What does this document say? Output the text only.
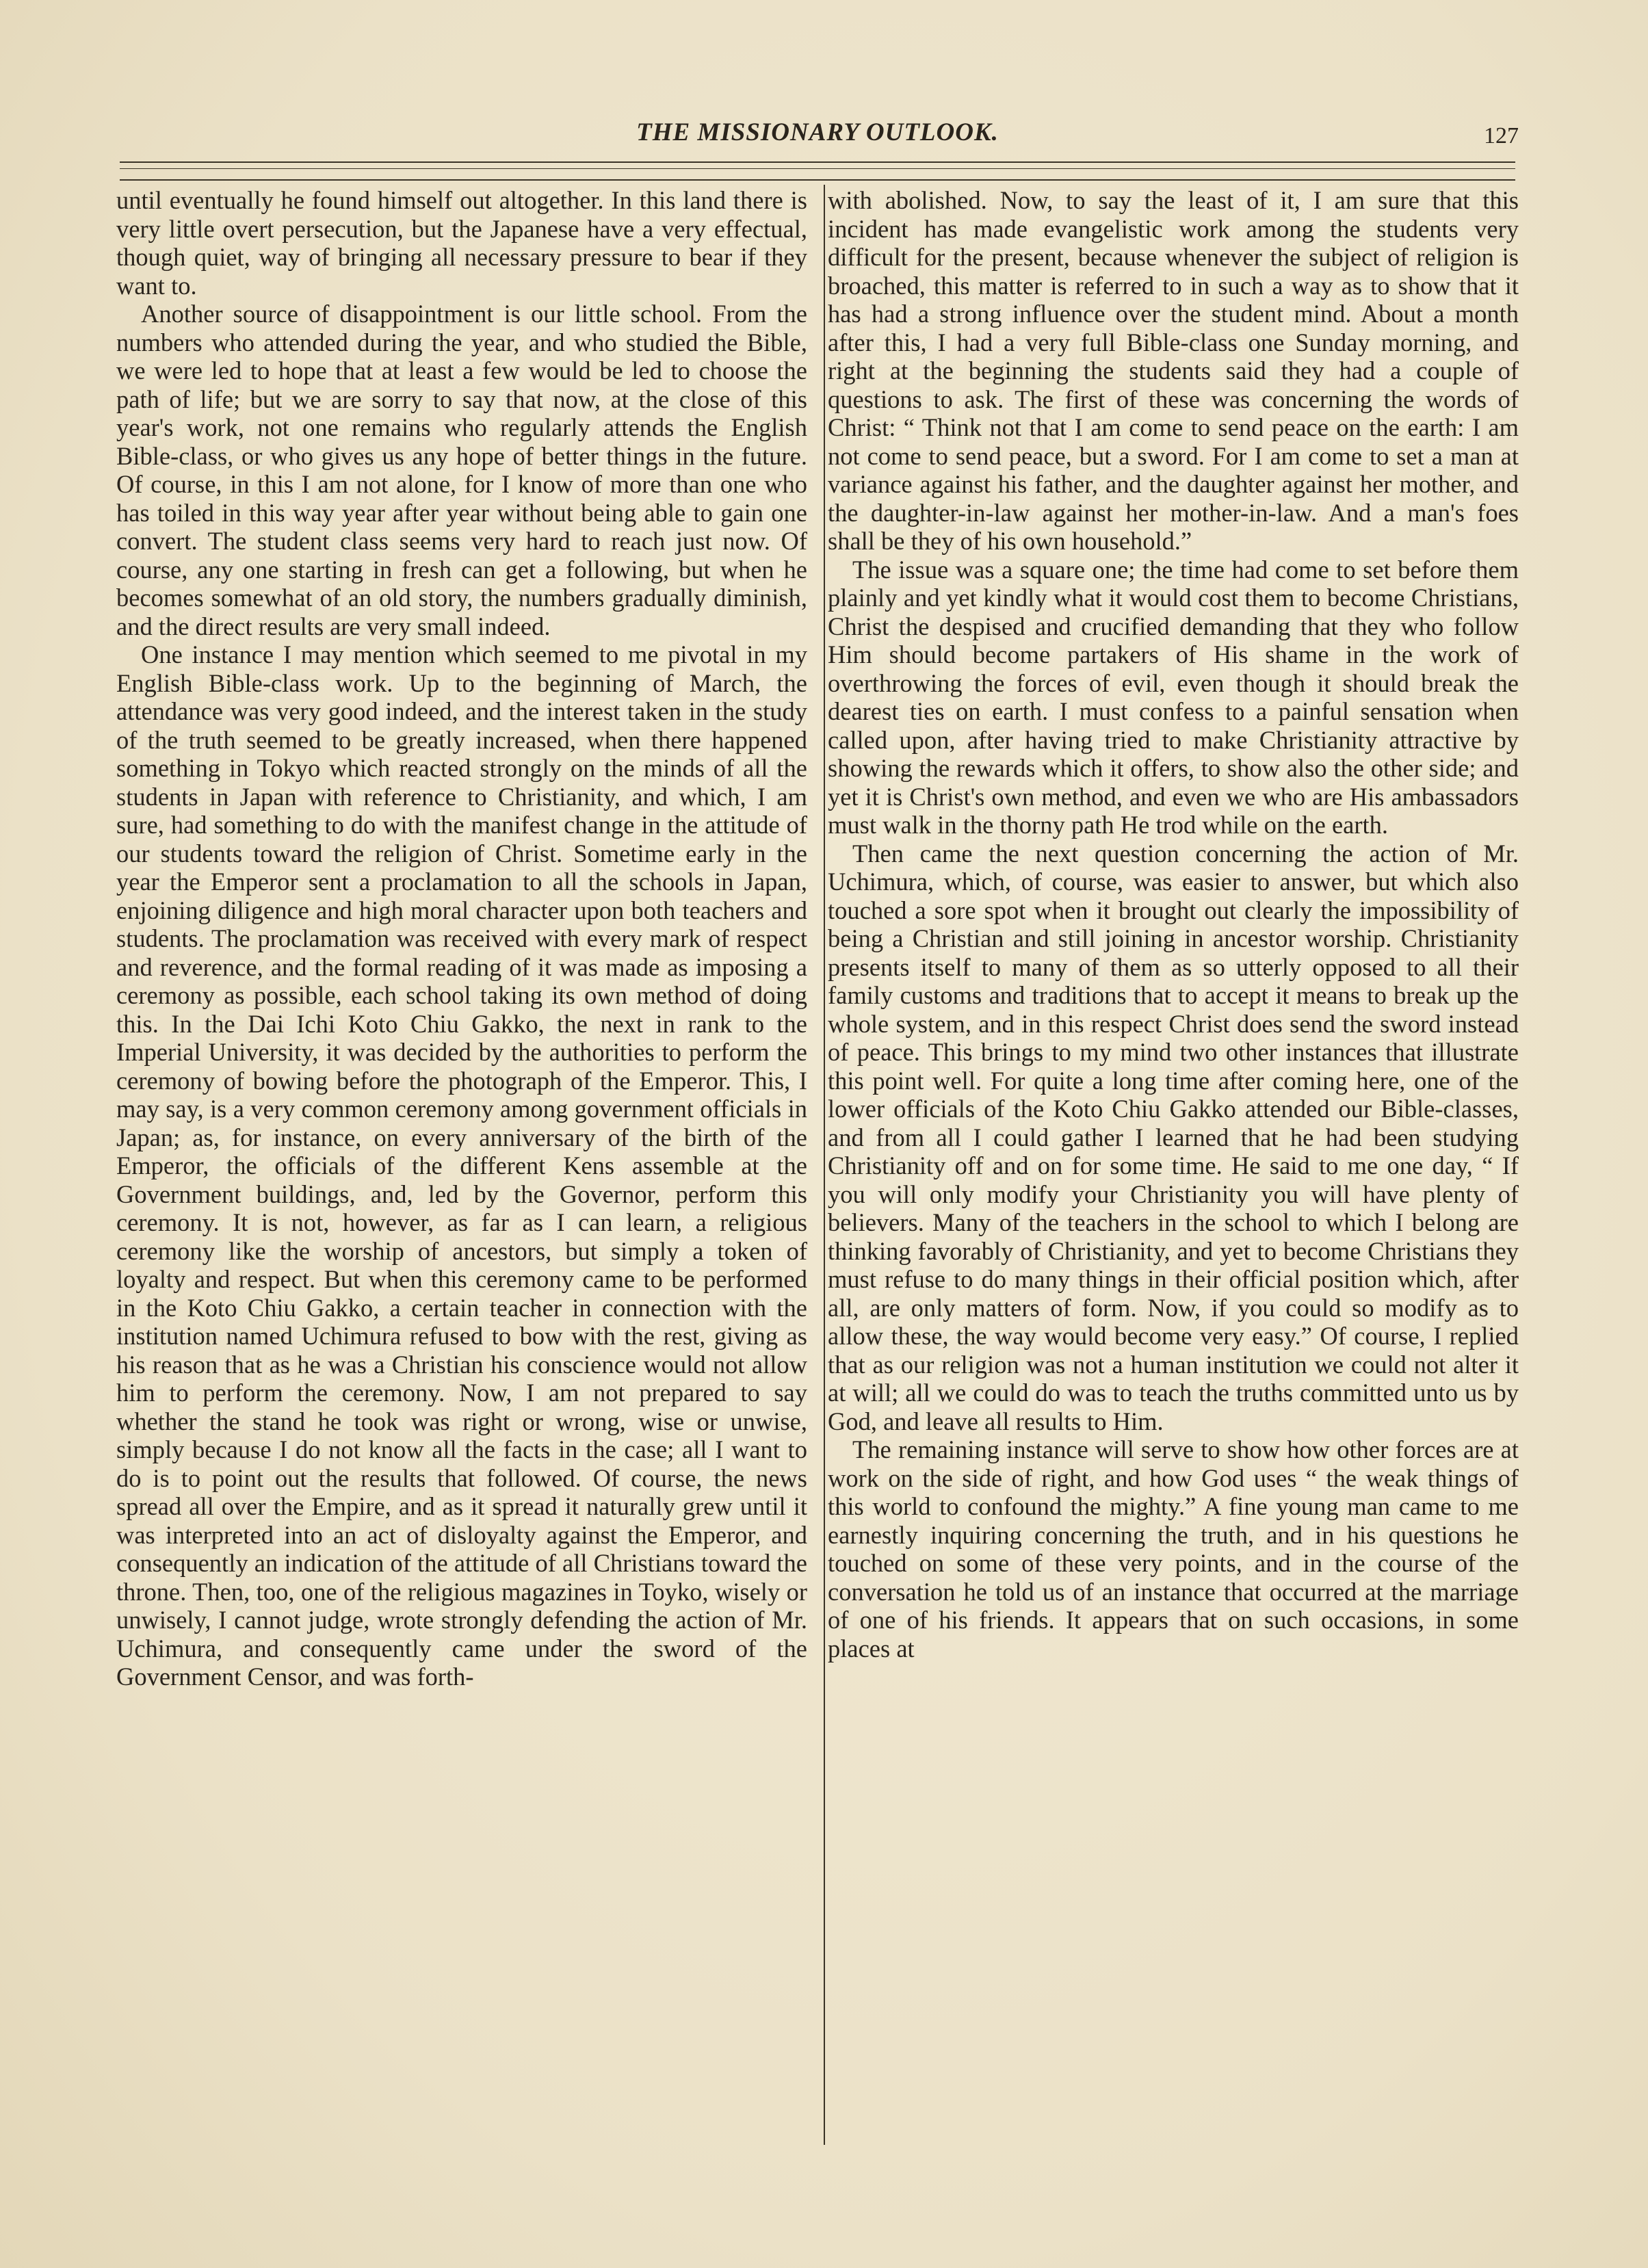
THE MISSIONARY OUTLOOK.	127

until eventually he found himself out altogether. In this land there is very little overt persecution, but the Japanese have a very effectual, though quiet, way of bringing all necessary pressure to bear if they want to.

Another source of disappointment is our little school. From the numbers who attended during the year, and who studied the Bible, we were led to hope that at least a few would be led to choose the path of life; but we are sorry to say that now, at the close of this year's work, not one remains who regularly attends the English Bible-class, or who gives us any hope of better things in the future. Of course, in this I am not alone, for I know of more than one who has toiled in this way year after year without being able to gain one convert. The student class seems very hard to reach just now. Of course, any one starting in fresh can get a following, but when he becomes somewhat of an old story, the numbers gradually diminish, and the direct results are very small indeed.

One instance I may mention which seemed to me pivotal in my English Bible-class work. Up to the beginning of March, the attendance was very good indeed, and the interest taken in the study of the truth seemed to be greatly increased, when there happened something in Tokyo which reacted strongly on the minds of all the students in Japan with reference to Christianity, and which, I am sure, had something to do with the manifest change in the attitude of our students toward the religion of Christ. Sometime early in the year the Emperor sent a proclamation to all the schools in Japan, enjoining diligence and high moral character upon both teachers and students. The proclamation was received with every mark of respect and reverence, and the formal reading of it was made as imposing a ceremony as possible, each school taking its own method of doing this. In the Dai Ichi Koto Chiu Gakko, the next in rank to the Imperial University, it was decided by the authorities to perform the ceremony of bowing before the photograph of the Emperor. This, I may say, is a very common ceremony among government officials in Japan; as, for instance, on every anniversary of the birth of the Emperor, the officials of the different Kens assemble at the Government buildings, and, led by the Governor, perform this ceremony. It is not, however, as far as I can learn, a religious ceremony like the worship of ancestors, but simply a token of loyalty and respect. But when this ceremony came to be performed in the Koto Chiu Gakko, a certain teacher in connection with the institution named Uchimura refused to bow with the rest, giving as his reason that as he was a Christian his conscience would not allow him to perform the ceremony. Now, I am not prepared to say whether the stand he took was right or wrong, wise or unwise, simply because I do not know all the facts in the case; all I want to do is to point out the results that followed. Of course, the news spread all over the Empire, and as it spread it naturally grew until it was interpreted into an act of disloyalty against the Emperor, and consequently an indication of the attitude of all Christians toward the throne. Then, too, one of the religious magazines in Toyko, wisely or unwisely, I cannot judge, wrote strongly defending the action of Mr. Uchimura, and consequently came under the sword of the Government Censor, and was forth-

with abolished. Now, to say the least of it, I am sure that this incident has made evangelistic work among the students very difficult for the present, because whenever the subject of religion is broached, this matter is referred to in such a way as to show that it has had a strong influence over the student mind. About a month after this, I had a very full Bible-class one Sunday morning, and right at the beginning the students said they had a couple of questions to ask. The first of these was concerning the words of Christ: “ Think not that I am come to send peace on the earth: I am not come to send peace, but a sword. For I am come to set a man at variance against his father, and the daughter against her mother, and the daughter-in-law against her mother-in-law. And a man's foes shall be they of his own household.”

The issue was a square one; the time had come to set before them plainly and yet kindly what it would cost them to become Christians, Christ the despised and crucified demanding that they who follow Him should become partakers of His shame in the work of overthrowing the forces of evil, even though it should break the dearest ties on earth. I must confess to a painful sensation when called upon, after having tried to make Christianity attractive by showing the rewards which it offers, to show also the other side; and yet it is Christ's own method, and even we who are His ambassadors must walk in the thorny path He trod while on the earth.

Then came the next question concerning the action of Mr. Uchimura, which, of course, was easier to answer, but which also touched a sore spot when it brought out clearly the impossibility of being a Christian and still joining in ancestor worship. Christianity presents itself to many of them as so utterly opposed to all their family customs and traditions that to accept it means to break up the whole system, and in this respect Christ does send the sword instead of peace. This brings to my mind two other instances that illustrate this point well. For quite a long time after coming here, one of the lower officials of the Koto Chiu Gakko attended our Bible-classes, and from all I could gather I learned that he had been studying Christianity off and on for some time. He said to me one day, “ If you will only modify your Christianity you will have plenty of believers. Many of the teachers in the school to which I belong are thinking favorably of Christianity, and yet to become Christians they must refuse to do many things in their official position which, after all, are only matters of form. Now, if you could so modify as to allow these, the way would become very easy.” Of course, I replied that as our religion was not a human institution we could not alter it at will; all we could do was to teach the truths committed unto us by God, and leave all results to Him.

The remaining instance will serve to show how other forces are at work on the side of right, and how God uses “ the weak things of this world to confound the mighty.” A fine young man came to me earnestly inquiring concerning the truth, and in his questions he touched on some of these very points, and in the course of the conversation he told us of an instance that occurred at the marriage of one of his friends. It appears that on such occasions, in some places at
